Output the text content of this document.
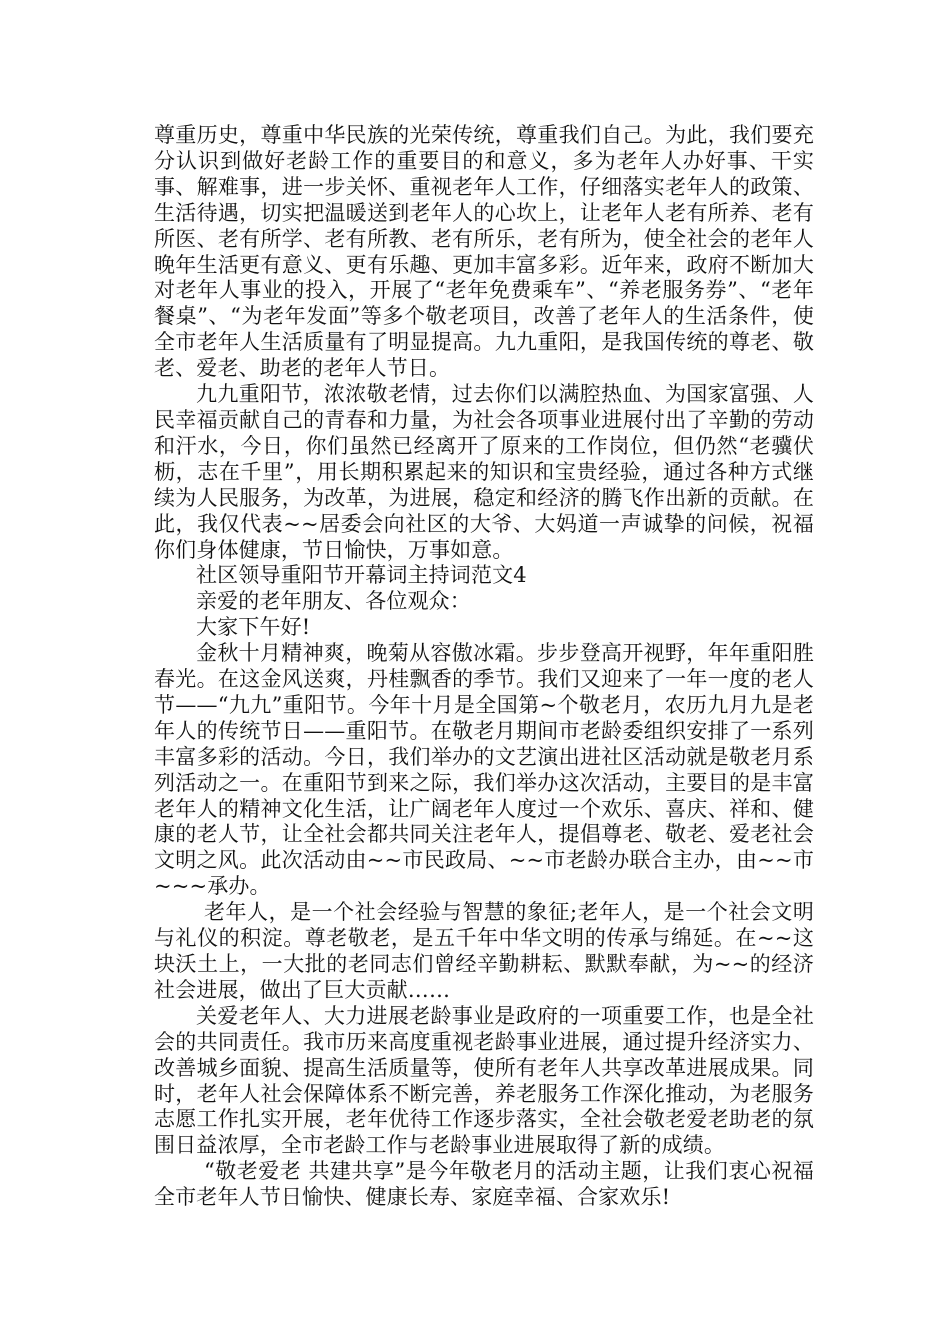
尊重历史，尊重中华民族的光荣传统，尊重我们自己。为此，我们要充分认识到做好老龄工作的重要目的和意义，多为老年人办好事、干实事、解难事，进一步关怀、重视老年人工作，仔细落实老年人的政策、生活待遇，切实把温暖送到老年人的心坎上，让老年人老有所养、老有所医、老有所学、老有所教、老有所乐，老有所为，使全社会的老年人晚年生活更有意义、更有乐趣、更加丰富多彩。近年来，政府不断加大对老年人事业的投入，开展了“老年免费乘车”、“养老服务券”、“老年餐桌”、“为老年发面”等多个敬老项目，改善了老年人的生活条件，使全市老年人生活质量有了明显提高。九九重阳，是我国传统的尊老、敬老、爱老、助老的老年人节日。

九九重阳节，浓浓敬老情，过去你们以满腔热血、为国家富强、人民幸福贡献自己的青春和力量，为社会各项事业进展付出了辛勤的劳动和汗水，今日，你们虽然已经离开了原来的工作岗位，但仍然“老骥伏枥，志在千里”，用长期积累起来的知识和宝贵经验，通过各种方式继续为人民服务，为改革，为进展，稳定和经济的腾飞作出新的贡献。在此，我仅代表~~居委会向社区的大爷、大妈道一声诚挚的问候，祝福你们身体健康，节日愉快，万事如意。

社区领导重阳节开幕词主持词范文4

亲爱的老年朋友、各位观众：

大家下午好!

金秋十月精神爽，晚菊从容傲冰霜。步步登高开视野，年年重阳胜春光。在这金风送爽，丹桂飘香的季节。我们又迎来了一年一度的老人节——“九九”重阳节。今年十月是全国第~个敬老月，农历九月九是老年人的传统节日——重阳节。在敬老月期间市老龄委组织安排了一系列丰富多彩的活动。今日，我们举办的文艺演出进社区活动就是敬老月系列活动之一。在重阳节到来之际，我们举办这次活动，主要目的是丰富老年人的精神文化生活，让广阔老年人度过一个欢乐、喜庆、祥和、健康的老人节，让全社会都共同关注老年人，提倡尊老、敬老、爱老社会文明之风。此次活动由~~市民政局、~~市老龄办联合主办，由~~市~~~承办。

老年人，是一个社会经验与智慧的象征;老年人，是一个社会文明与礼仪的积淀。尊老敬老，是五千年中华文明的传承与绵延。在~~这块沃土上，一大批的老同志们曾经辛勤耕耘、默默奉献，为~~的经济社会进展，做出了巨大贡献……

关爱老年人、大力进展老龄事业是政府的一项重要工作，也是全社会的共同责任。我市历来高度重视老龄事业进展，通过提升经济实力、改善城乡面貌、提高生活质量等，使所有老年人共享改革进展成果。同时，老年人社会保障体系不断完善，养老服务工作深化推动，为老服务志愿工作扎实开展，老年优待工作逐步落实，全社会敬老爱老助老的氛围日益浓厚，全市老龄工作与老龄事业进展取得了新的成绩。

“敬老爱老 共建共享”是今年敬老月的活动主题，让我们衷心祝福全市老年人节日愉快、健康长寿、家庭幸福、合家欢乐!
